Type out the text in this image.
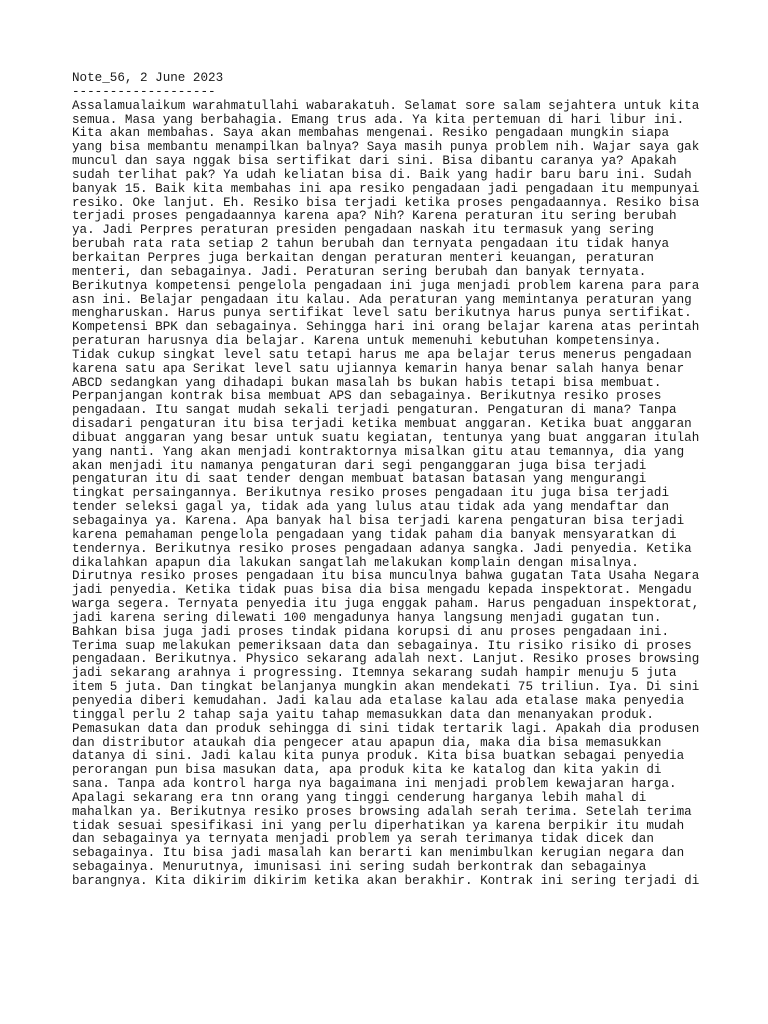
Note_56, 2 June 2023
-------------------
Assalamualaikum warahmatullahi wabarakatuh. Selamat sore salam sejahtera untuk kita
semua. Masa yang berbahagia. Emang trus ada. Ya kita pertemuan di hari libur ini.
Kita akan membahas. Saya akan membahas mengenai. Resiko pengadaan mungkin siapa
yang bisa membantu menampilkan balnya? Saya masih punya problem nih. Wajar saya gak
muncul dan saya nggak bisa sertifikat dari sini. Bisa dibantu caranya ya? Apakah
sudah terlihat pak? Ya udah keliatan bisa di. Baik yang hadir baru baru ini. Sudah
banyak 15. Baik kita membahas ini apa resiko pengadaan jadi pengadaan itu mempunyai
resiko. Oke lanjut. Eh. Resiko bisa terjadi ketika proses pengadaannya. Resiko bisa
terjadi proses pengadaannya karena apa? Nih? Karena peraturan itu sering berubah
ya. Jadi Perpres peraturan presiden pengadaan naskah itu termasuk yang sering
berubah rata rata setiap 2 tahun berubah dan ternyata pengadaan itu tidak hanya
berkaitan Perpres juga berkaitan dengan peraturan menteri keuangan, peraturan
menteri, dan sebagainya. Jadi. Peraturan sering berubah dan banyak ternyata.
Berikutnya kompetensi pengelola pengadaan ini juga menjadi problem karena para para
asn ini. Belajar pengadaan itu kalau. Ada peraturan yang memintanya peraturan yang
mengharuskan. Harus punya sertifikat level satu berikutnya harus punya sertifikat.
Kompetensi BPK dan sebagainya. Sehingga hari ini orang belajar karena atas perintah
peraturan harusnya dia belajar. Karena untuk memenuhi kebutuhan kompetensinya.
Tidak cukup singkat level satu tetapi harus me apa belajar terus menerus pengadaan
karena satu apa Serikat level satu ujiannya kemarin hanya benar salah hanya benar
ABCD sedangkan yang dihadapi bukan masalah bs bukan habis tetapi bisa membuat.
Perpanjangan kontrak bisa membuat APS dan sebagainya. Berikutnya resiko proses
pengadaan. Itu sangat mudah sekali terjadi pengaturan. Pengaturan di mana? Tanpa
disadari pengaturan itu bisa terjadi ketika membuat anggaran. Ketika buat anggaran
dibuat anggaran yang besar untuk suatu kegiatan, tentunya yang buat anggaran itulah
yang nanti. Yang akan menjadi kontraktornya misalkan gitu atau temannya, dia yang
akan menjadi itu namanya pengaturan dari segi penganggaran juga bisa terjadi
pengaturan itu di saat tender dengan membuat batasan batasan yang mengurangi
tingkat persaingannya. Berikutnya resiko proses pengadaan itu juga bisa terjadi
tender seleksi gagal ya, tidak ada yang lulus atau tidak ada yang mendaftar dan
sebagainya ya. Karena. Apa banyak hal bisa terjadi karena pengaturan bisa terjadi
karena pemahaman pengelola pengadaan yang tidak paham dia banyak mensyaratkan di
tendernya. Berikutnya resiko proses pengadaan adanya sangka. Jadi penyedia. Ketika
dikalahkan apapun dia lakukan sangatlah melakukan komplain dengan misalnya.
Dirutnya resiko proses pengadaan itu bisa munculnya bahwa gugatan Tata Usaha Negara
jadi penyedia. Ketika tidak puas bisa dia bisa mengadu kepada inspektorat. Mengadu
warga segera. Ternyata penyedia itu juga enggak paham. Harus pengaduan inspektorat,
jadi karena sering dilewati 100 mengadunya hanya langsung menjadi gugatan tun.
Bahkan bisa juga jadi proses tindak pidana korupsi di anu proses pengadaan ini.
Terima suap melakukan pemeriksaan data dan sebagainya. Itu risiko risiko di proses
pengadaan. Berikutnya. Physico sekarang adalah next. Lanjut. Resiko proses browsing
jadi sekarang arahnya i progressing. Itemnya sekarang sudah hampir menuju 5 juta
item 5 juta. Dan tingkat belanjanya mungkin akan mendekati 75 triliun. Iya. Di sini
penyedia diberi kemudahan. Jadi kalau ada etalase kalau ada etalase maka penyedia
tinggal perlu 2 tahap saja yaitu tahap memasukkan data dan menanyakan produk.
Pemasukan data dan produk sehingga di sini tidak tertarik lagi. Apakah dia produsen
dan distributor ataukah dia pengecer atau apapun dia, maka dia bisa memasukkan
datanya di sini. Jadi kalau kita punya produk. Kita bisa buatkan sebagai penyedia
perorangan pun bisa masukan data, apa produk kita ke katalog dan kita yakin di
sana. Tanpa ada kontrol harga nya bagaimana ini menjadi problem kewajaran harga.
Apalagi sekarang era tnn orang yang tinggi cenderung harganya lebih mahal di
mahalkan ya. Berikutnya resiko proses browsing adalah serah terima. Setelah terima
tidak sesuai spesifikasi ini yang perlu diperhatikan ya karena berpikir itu mudah
dan sebagainya ya ternyata menjadi problem ya serah terimanya tidak dicek dan
sebagainya. Itu bisa jadi masalah kan berarti kan menimbulkan kerugian negara dan
sebagainya. Menurutnya, imunisasi ini sering sudah berkontrak dan sebagainya
barangnya. Kita dikirim dikirim ketika akan berakhir. Kontrak ini sering terjadi di
